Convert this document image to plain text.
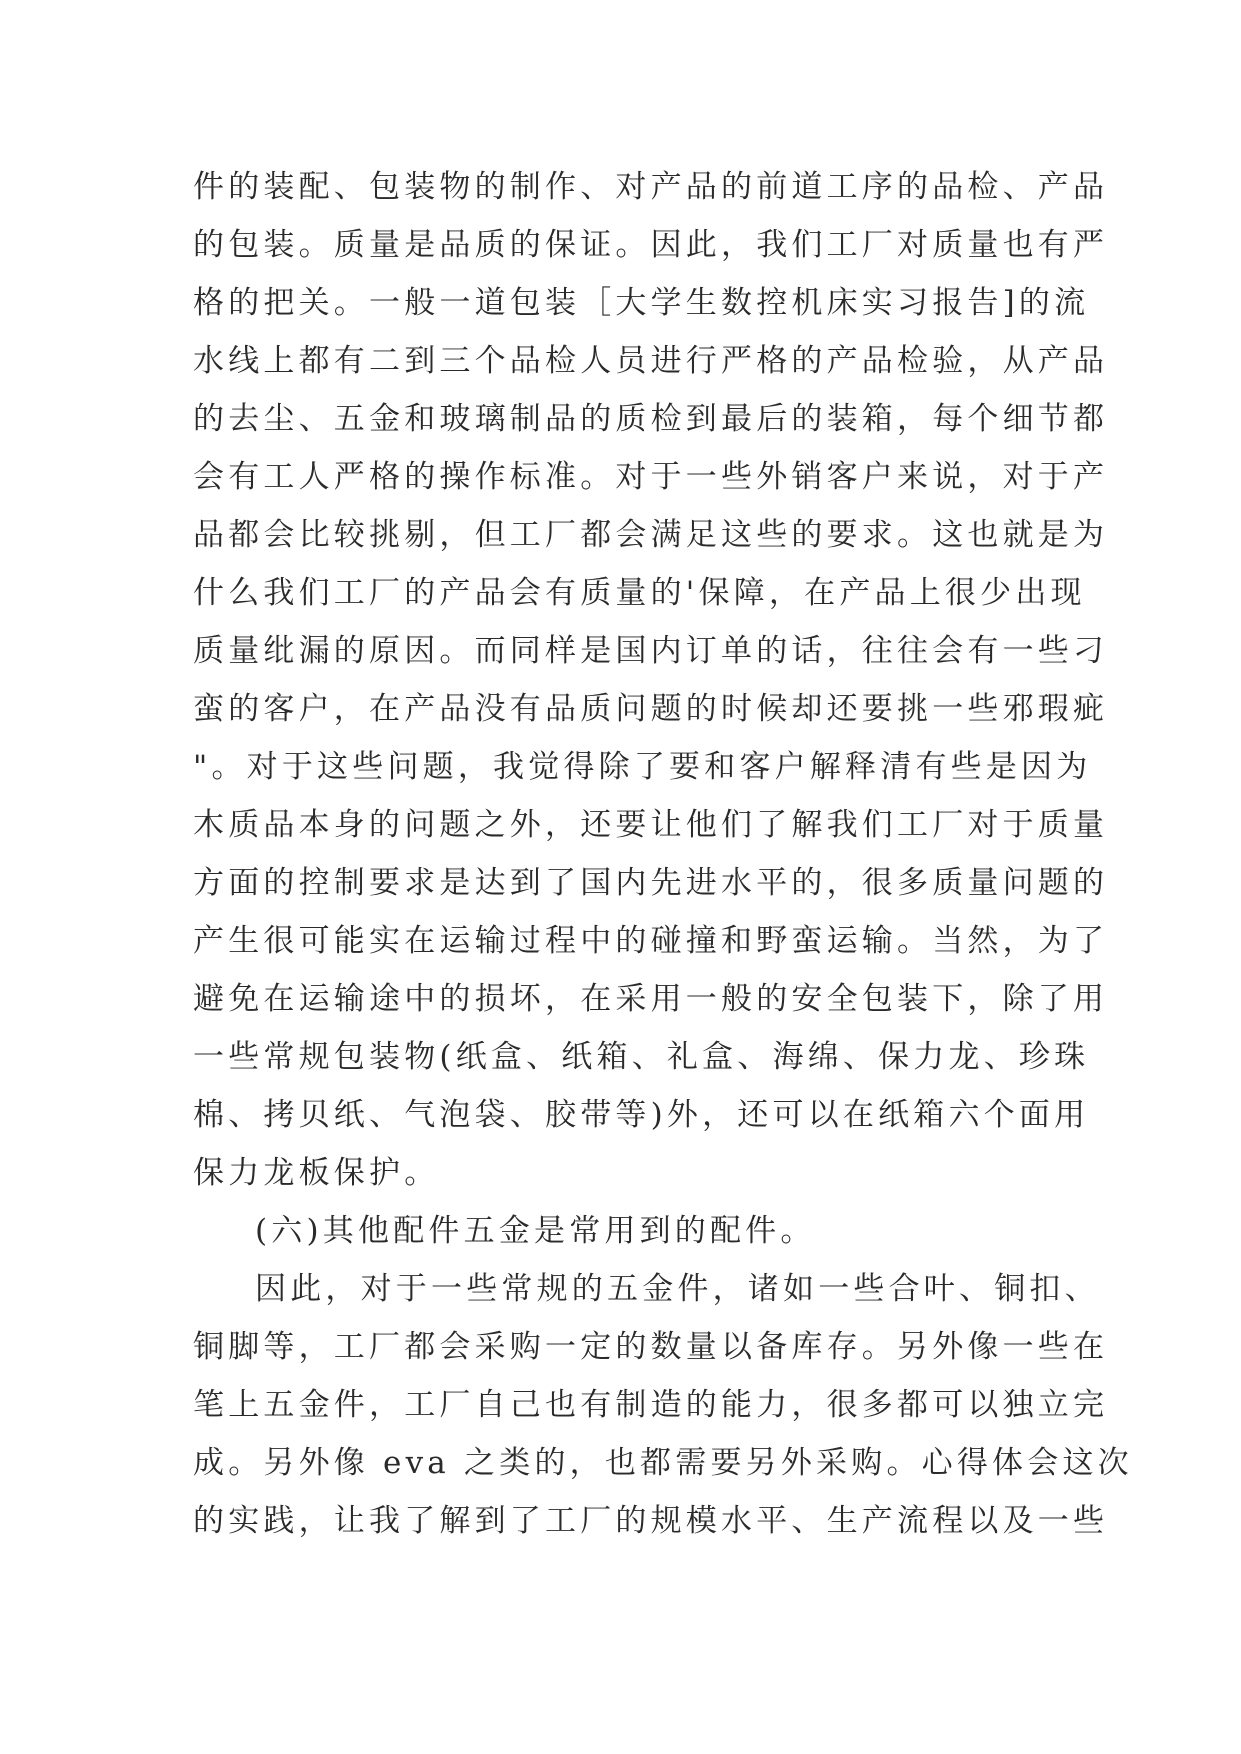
件的装配、包装物的制作、对产品的前道工序的品检、产品
的包装。质量是品质的保证。因此，我们工厂对质量也有严
格的把关。一般一道包装［大学生数控机床实习报告]的流
水线上都有二到三个品检人员进行严格的产品检验，从产品
的去尘、五金和玻璃制品的质检到最后的装箱，每个细节都
会有工人严格的操作标准。对于一些外销客户来说，对于产
品都会比较挑剔，但工厂都会满足这些的要求。这也就是为
什么我们工厂的产品会有质量的'保障，在产品上很少出现
质量纰漏的原因。而同样是国内订单的话，往往会有一些刁
蛮的客户，在产品没有品质问题的时候却还要挑一些邪瑕疵
"。对于这些问题，我觉得除了要和客户解释清有些是因为
木质品本身的问题之外，还要让他们了解我们工厂对于质量
方面的控制要求是达到了国内先进水平的，很多质量问题的
产生很可能实在运输过程中的碰撞和野蛮运输。当然，为了
避免在运输途中的损坏，在采用一般的安全包装下，除了用
一些常规包装物(纸盒、纸箱、礼盒、海绵、保力龙、珍珠
棉、拷贝纸、气泡袋、胶带等)外，还可以在纸箱六个面用
保力龙板保护。
(六)其他配件五金是常用到的配件。
因此，对于一些常规的五金件，诸如一些合叶、铜扣、
铜脚等，工厂都会采购一定的数量以备库存。另外像一些在
笔上五金件，工厂自己也有制造的能力，很多都可以独立完
成。另外像 eva 之类的，也都需要另外采购。心得体会这次
的实践，让我了解到了工厂的规模水平、生产流程以及一些
